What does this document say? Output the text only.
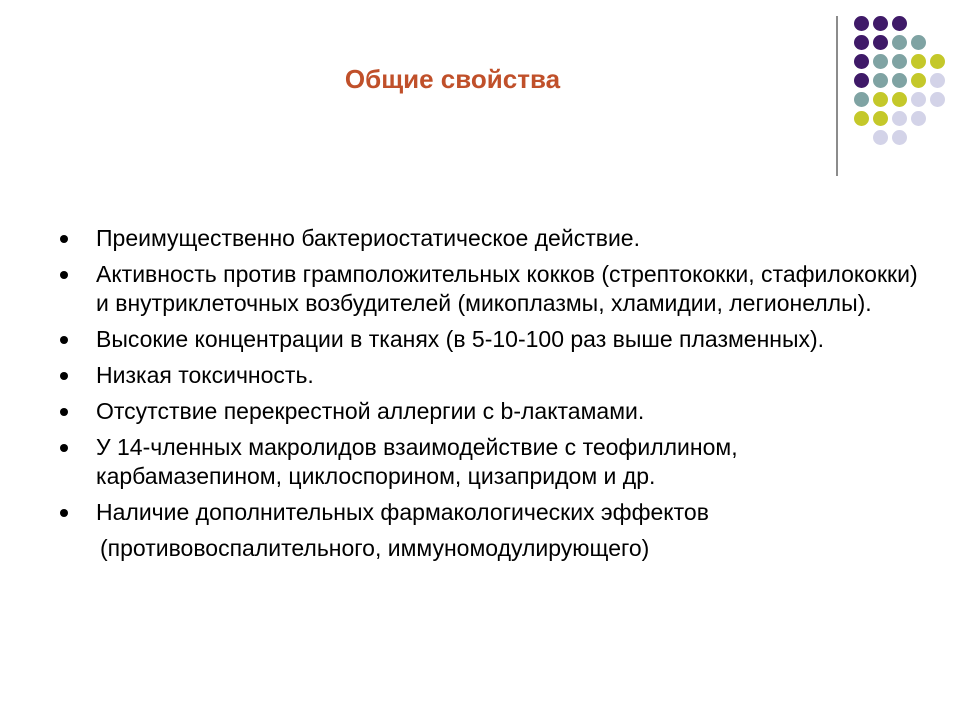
Общие свойства
Преимущественно бактериостатическое действие.
Активность против грамположительных кокков (стрептококки, стафилококки) и внутриклеточных возбудителей (микоплазмы, хламидии, легионеллы).
Высокие концентрации в тканях (в 5-10-100 раз выше плазменных).
Низкая токсичность.
Отсутствие перекрестной аллергии с b-лактамами.
У 14-членных макролидов взаимодействие с теофиллином, карбамазепином, циклоспорином, цизапридом и др.
Наличие дополнительных фармакологических эффектов
(противовоспалительного, иммуномодулирующего)
